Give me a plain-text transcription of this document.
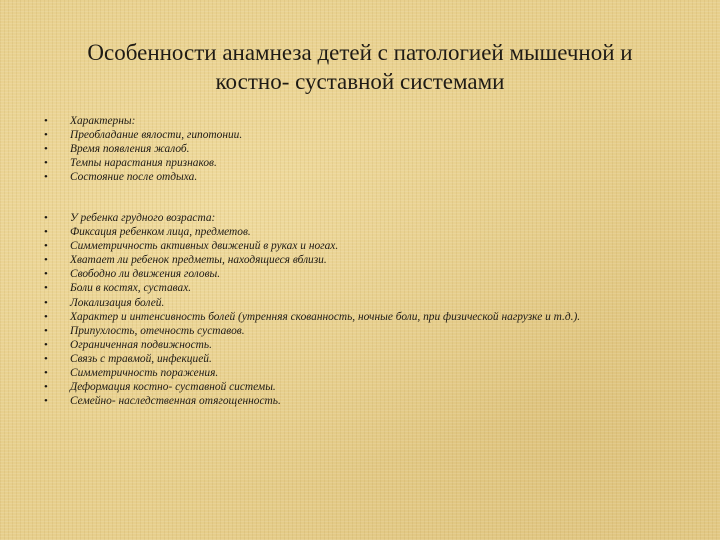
Особенности анамнеза детей с патологией мышечной и
костно- суставной системами
•	Характерны:
•	Преобладание вялости, гипотонии.
•	Время появления жалоб.
•	Темпы нарастания признаков.
•	Состояние после отдыха.
•	У ребенка грудного возраста:
•	Фиксация ребенком лица, предметов.
•	Симметричность активных движений в руках и ногах.
•	Хватает ли ребенок предметы, находящиеся вблизи.
•	Свободно ли движения головы.
•	Боли в костях, суставах.
•	Локализация болей.
•	Характер и интенсивность болей (утренняя скованность, ночные боли, при физической нагрузке и т.д.).
•	Припухлость, отечность суставов.
•	Ограниченная подвижность.
•	Связь с травмой, инфекцией.
•	Симметричность поражения.
•	Деформация костно- суставной системы.
•	Семейно- наследственная отягощенность.
